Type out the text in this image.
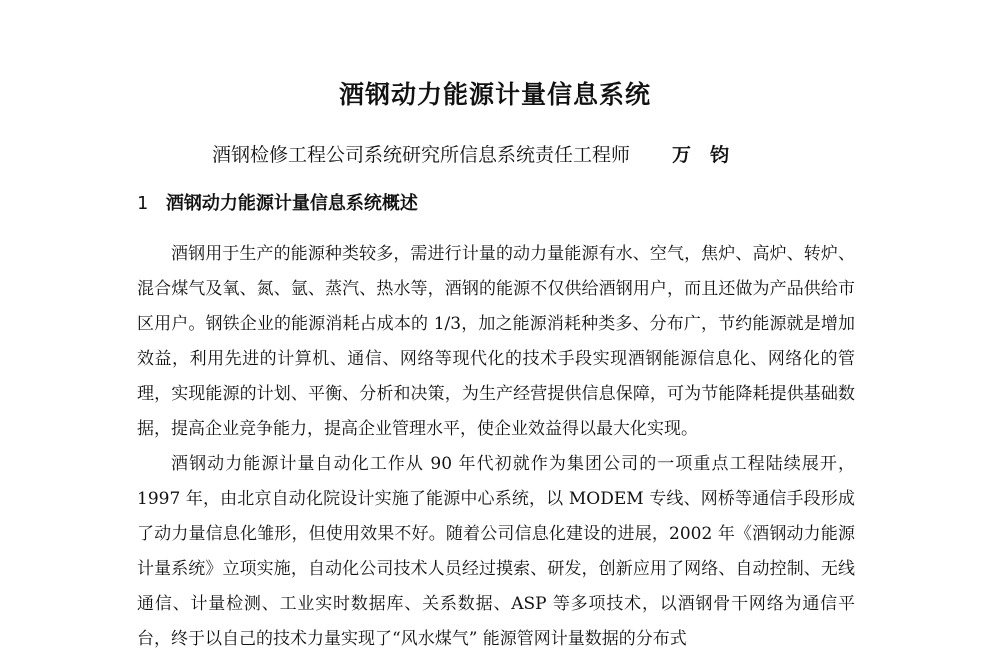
酒钢动力能源计量信息系统
酒钢检修工程公司系统研究所信息系统责任工程师 万　钧
1 酒钢动力能源计量信息系统概述

酒钢用于生产的能源种类较多，需进行计量的动力量能源有水、空气，焦炉、高炉、转炉、混合煤气及氧、氮、氩、蒸汽、热水等，酒钢的能源不仅供给酒钢用户，而且还做为产品供给市区用户。钢铁企业的能源消耗占成本的 1/3，加之能源消耗种类多、分布广，节约能源就是增加效益，利用先进的计算机、通信、网络等现代化的技术手段实现酒钢能源信息化、网络化的管理，实现能源的计划、平衡、分析和决策，为生产经营提供信息保障，可为节能降耗提供基础数据，提高企业竞争能力，提高企业管理水平，使企业效益得以最大化实现。

酒钢动力能源计量自动化工作从 90 年代初就作为集团公司的一项重点工程陆续展开，1997 年，由北京自动化院设计实施了能源中心系统，以 MODEM 专线、网桥等通信手段形成了动力量信息化雏形，但使用效果不好。随着公司信息化建设的进展，2002 年《酒钢动力能源计量系统》立项实施，自动化公司技术人员经过摸索、研发，创新应用了网络、自动控制、无线通信、计量检测、工业实时数据库、关系数据、ASP 等多项技术，以酒钢骨干网络为通信平台，终于以自己的技术力量实现了“风水煤气” 能源管网计量数据的分布式
